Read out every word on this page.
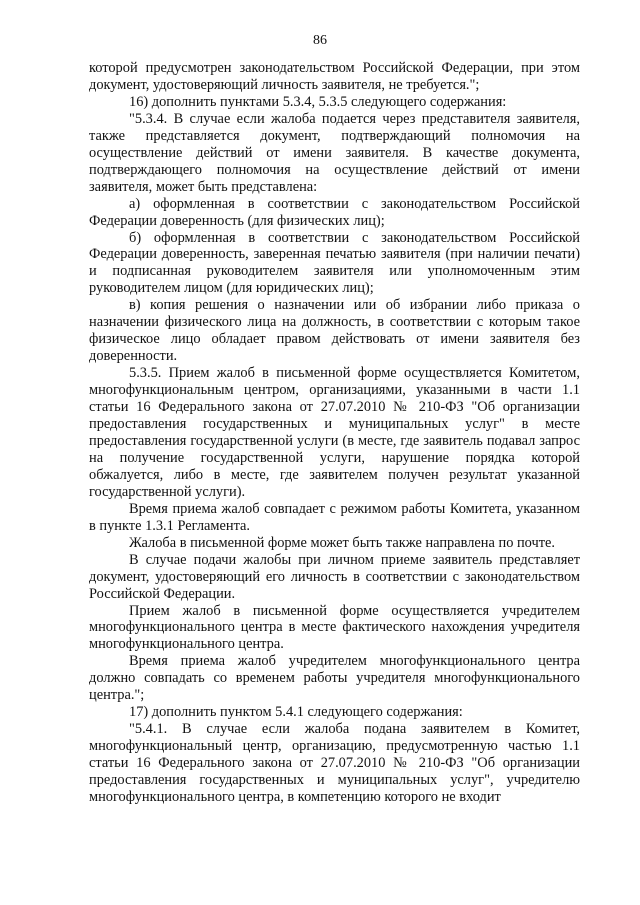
86

которой предусмотрен законодательством Российской Федерации, при этом документ, удостоверяющий личность заявителя, не требуется.";

16) дополнить пунктами 5.3.4, 5.3.5 следующего содержания:

"5.3.4. В случае если жалоба подается через представителя заявителя, также представляется документ, подтверждающий полномочия на осуществление действий от имени заявителя. В качестве документа, подтверждающего полномочия на осуществление действий от имени заявителя, может быть представлена:

а) оформленная в соответствии с законодательством Российской Федерации доверенность (для физических лиц);

б) оформленная в соответствии с законодательством Российской Федерации доверенность, заверенная печатью заявителя (при наличии печати) и подписанная руководителем заявителя или уполномоченным этим руководителем лицом (для юридических лиц);

в) копия решения о назначении или об избрании либо приказа о назначении физического лица на должность, в соответствии с которым такое физическое лицо обладает правом действовать от имени заявителя без доверенности.

5.3.5. Прием жалоб в письменной форме осуществляется Комитетом, многофункциональным центром, организациями, указанными в части 1.1 статьи 16 Федерального закона от 27.07.2010 № 210-ФЗ "Об организации предоставления государственных и муниципальных услуг" в месте предоставления государственной услуги (в месте, где заявитель подавал запрос на получение государственной услуги, нарушение порядка которой обжалуется, либо в месте, где заявителем получен результат указанной государственной услуги).

Время приема жалоб совпадает с режимом работы Комитета, указанном в пункте 1.3.1 Регламента.

Жалоба в письменной форме может быть также направлена по почте.

В случае подачи жалобы при личном приеме заявитель представляет документ, удостоверяющий его личность в соответствии с законодательством Российской Федерации.

Прием жалоб в письменной форме осуществляется учредителем многофункционального центра в месте фактического нахождения учредителя многофункционального центра.

Время приема жалоб учредителем многофункционального центра должно совпадать со временем работы учредителя многофункционального центра.";

17) дополнить пунктом 5.4.1 следующего содержания:

"5.4.1. В случае если жалоба подана заявителем в Комитет, многофункциональный центр, организацию, предусмотренную частью 1.1 статьи 16 Федерального закона от 27.07.2010 № 210-ФЗ "Об организации предоставления государственных и муниципальных услуг", учредителю многофункционального центра, в компетенцию которого не входит
